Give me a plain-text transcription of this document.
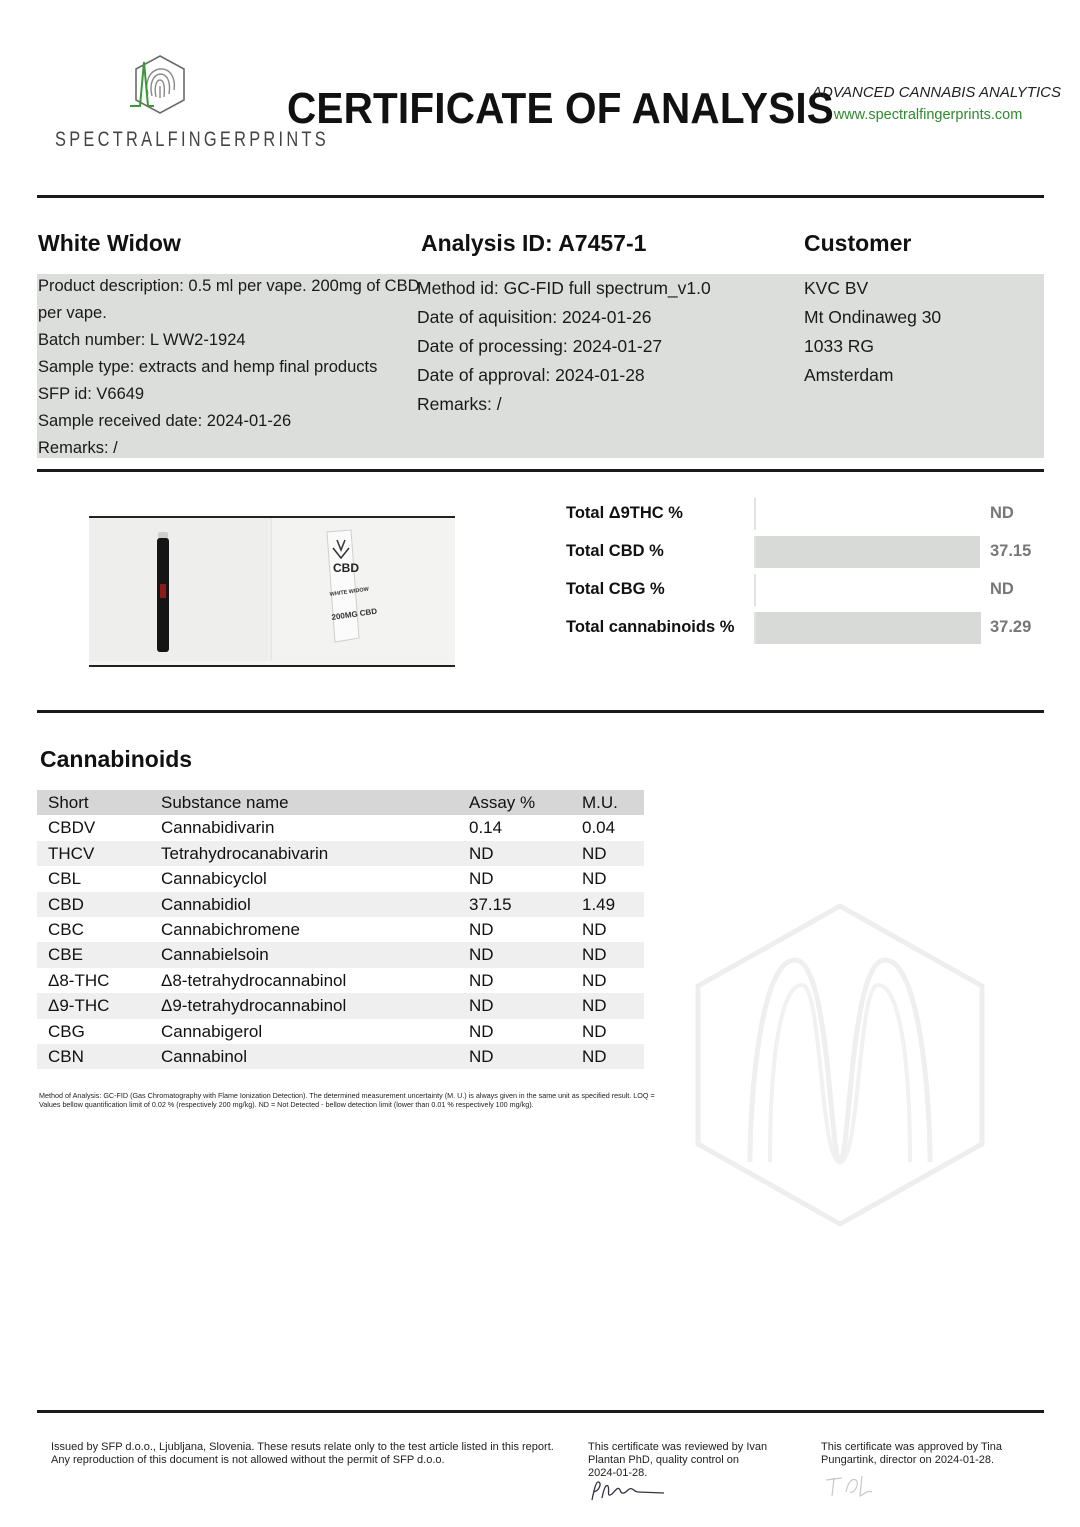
SPECTRALFINGERPRINTS
CERTIFICATE OF ANALYSIS
ADVANCED CANNABIS ANALYTICS
www.spectralfingerprints.com
White Widow	Analysis ID: A7457-1	Customer
Product description: 0.5 ml per vape. 200mg of CBD
per vape.
Batch number: L WW2-1924
Sample type: extracts and hemp final products
SFP id: V6649
Sample received date: 2024-01-26
Remarks: /
Method id: GC-FID full spectrum_v1.0
Date of aquisition: 2024-01-26
Date of processing: 2024-01-27
Date of approval: 2024-01-28
Remarks: /
KVC BV
Mt Ondinaweg 30
1033 RG
Amsterdam
CBD
WHITE WIDOW
200MG CBD
Total Δ9THC %	ND
Total CBD %	37.15
Total CBG %	ND
Total cannabinoids %	37.29
Cannabinoids
Short	Substance name	Assay %	M.U.
CBDV	Cannabidivarin	0.14	0.04
THCV	Tetrahydrocanabivarin	ND	ND
CBL	Cannabicyclol	ND	ND
CBD	Cannabidiol	37.15	1.49
CBC	Cannabichromene	ND	ND
CBE	Cannabielsoin	ND	ND
Δ8-THC	Δ8-tetrahydrocannabinol	ND	ND
Δ9-THC	Δ9-tetrahydrocannabinol	ND	ND
CBG	Cannabigerol	ND	ND
CBN	Cannabinol	ND	ND
Method of Analysis: GC-FID (Gas Chromatography with Flame Ionization Detection). The determined measurement uncertainty (M. U.) is always given in the same unit as specified result. LOQ = Values bellow quantification limit of 0.02 % (respectively 200 mg/kg). ND = Not Detected - bellow detection limit (lower than 0.01 % respectively 100 mg/kg).
Issued by SFP d.o.o., Ljubljana, Slovenia. These resuts relate only to the test article listed in this report.
Any reproduction of this document is not allowed without the permit of SFP d.o.o.
This certificate was reviewed by Ivan
Plantan PhD, quality control on
2024-01-28.
This certificate was approved by Tina
Pungartink, director on 2024-01-28.
